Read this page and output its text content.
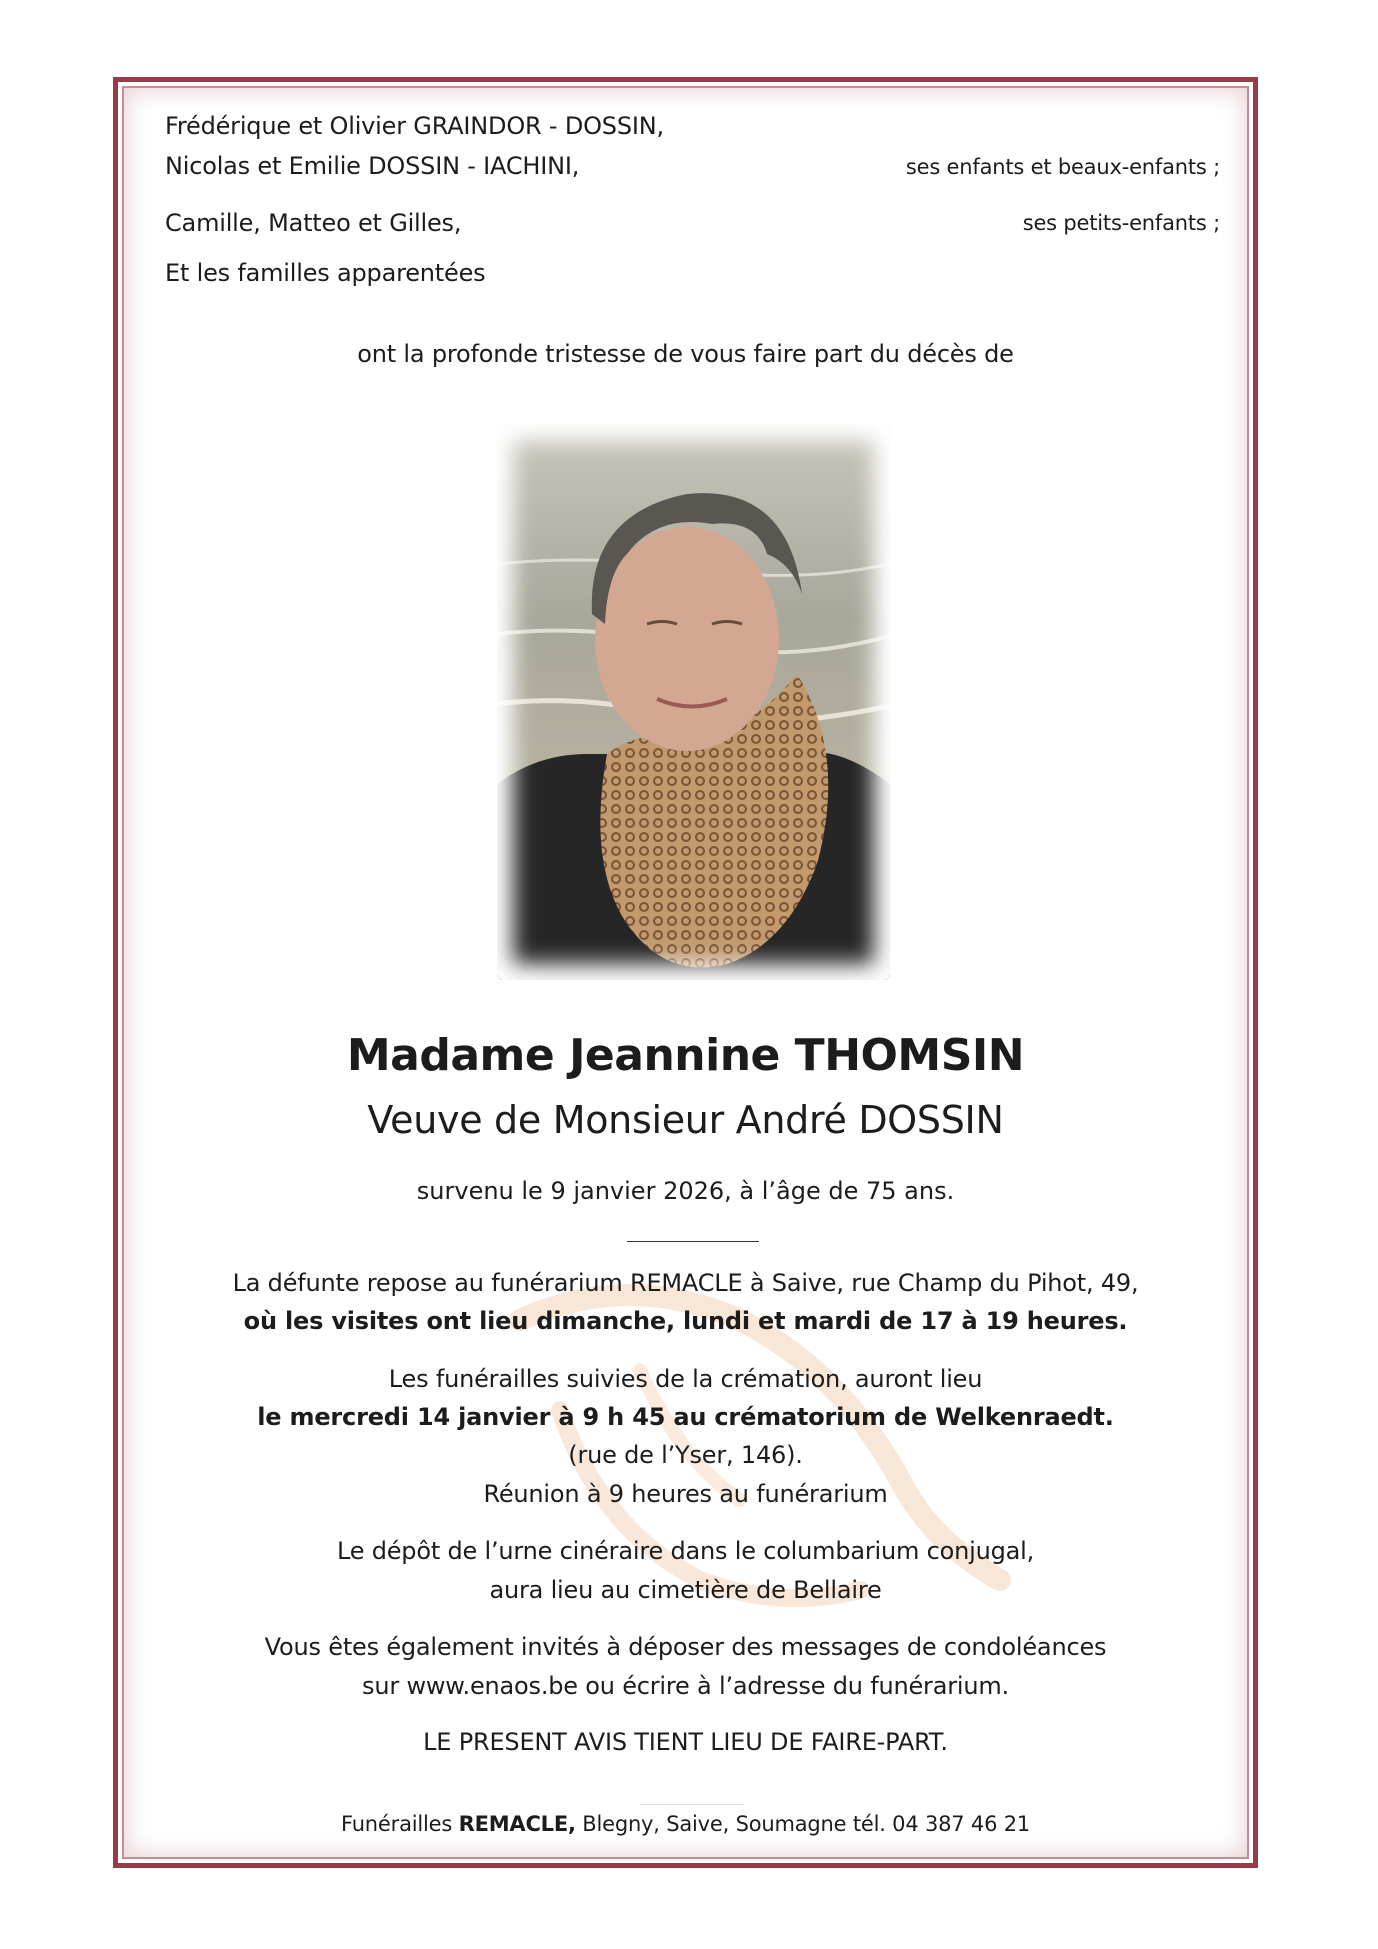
Frédérique et Olivier GRAINDOR - DOSSIN,
Nicolas et Emilie DOSSIN - IACHINI,	ses enfants et beaux-enfants ;
Camille, Matteo et Gilles,	ses petits-enfants ;
Et les familles apparentées
ont la profonde tristesse de vous faire part du décès de
Madame Jeannine THOMSIN
Veuve de Monsieur André DOSSIN
survenu le 9 janvier 2026, à l’âge de 75 ans.
La défunte repose au funérarium REMACLE à Saive, rue Champ du Pihot, 49,
où les visites ont lieu dimanche, lundi et mardi de 17 à 19 heures.
Les funérailles suivies de la crémation, auront lieu
le mercredi 14 janvier à 9 h 45 au crématorium de Welkenraedt.
(rue de l’Yser, 146).
Réunion à 9 heures au funérarium
Le dépôt de l’urne cinéraire dans le columbarium conjugal,
aura lieu au cimetière de Bellaire
Vous êtes également invités à déposer des messages de condoléances
sur www.enaos.be ou écrire à l’adresse du funérarium.
LE PRESENT AVIS TIENT LIEU DE FAIRE-PART.
Funérailles REMACLE, Blegny, Saive, Soumagne tél. 04 387 46 21
